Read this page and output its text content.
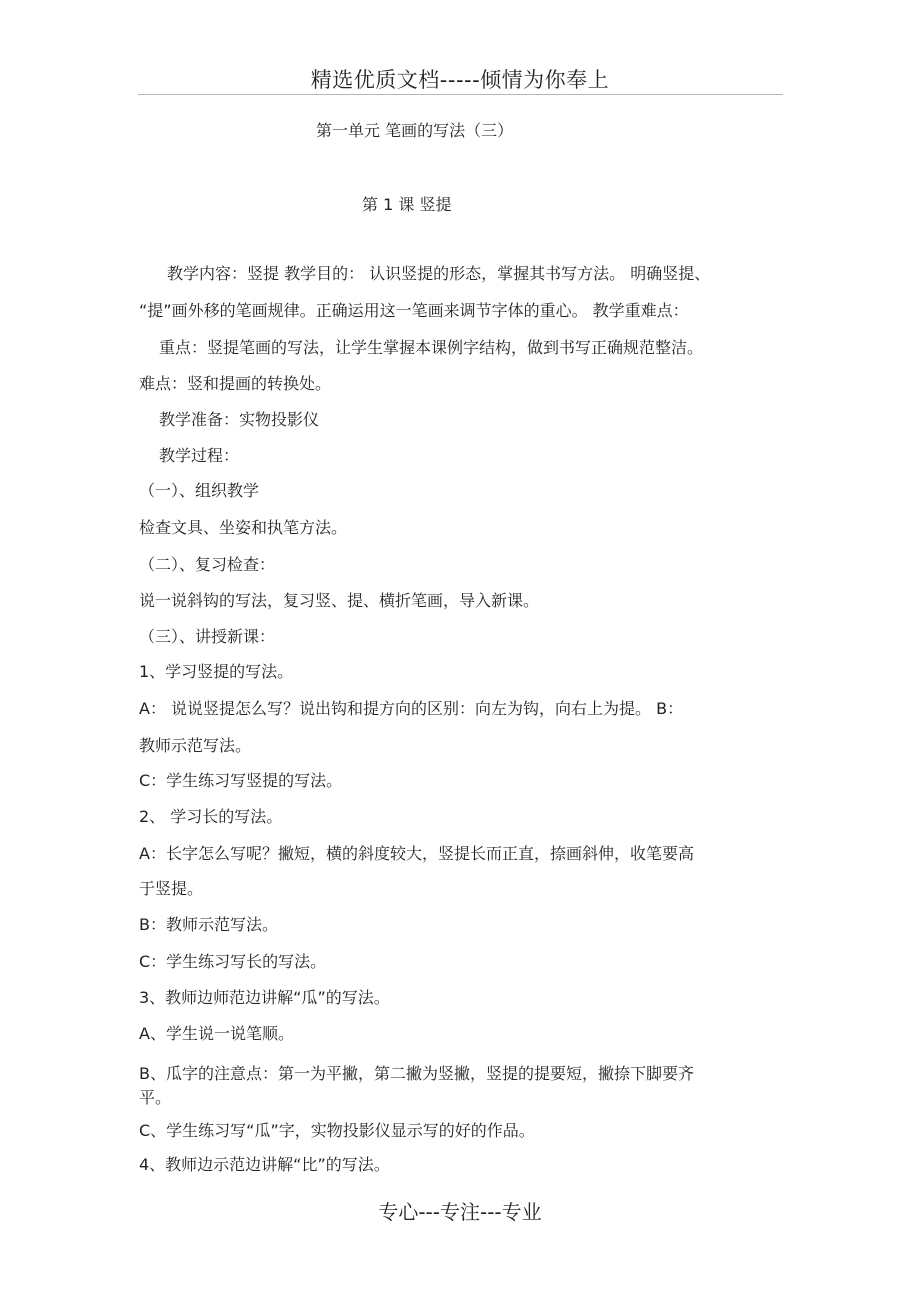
精选优质文档-----倾情为你奉上
第一单元 笔画的写法（三）
第 1 课 竖提
教学内容：竖提 教学目的： 认识竖提的形态，掌握其书写方法。 明确竖提、
“提”画外移的笔画规律。正确运用这一笔画来调节字体的重心。 教学重难点：
重点：竖提笔画的写法，让学生掌握本课例字结构，做到书写正确规范整洁。
难点：竖和提画的转换处。
教学准备：实物投影仪
教学过程：
（一）、组织教学
检查文具、坐姿和执笔方法。
（二）、复习检查：
说一说斜钩的写法，复习竖、提、横折笔画，导入新课。
（三）、讲授新课：
1、学习竖提的写法。
A： 说说竖提怎么写？说出钩和提方向的区别：向左为钩，向右上为提。 B：
教师示范写法。
C：学生练习写竖提的写法。
2、 学习长的写法。
A：长字怎么写呢？撇短，横的斜度较大，竖提长而正直，捺画斜伸，收笔要高
于竖提。
B：教师示范写法。
C：学生练习写长的写法。
3、教师边师范边讲解“瓜”的写法。
A、学生说一说笔顺。
B、瓜字的注意点：第一为平撇，第二撇为竖撇，竖提的提要短，撇捺下脚要齐
平。
C、学生练习写“瓜”字，实物投影仪显示写的好的作品。
4、教师边示范边讲解“比”的写法。
专心---专注---专业
